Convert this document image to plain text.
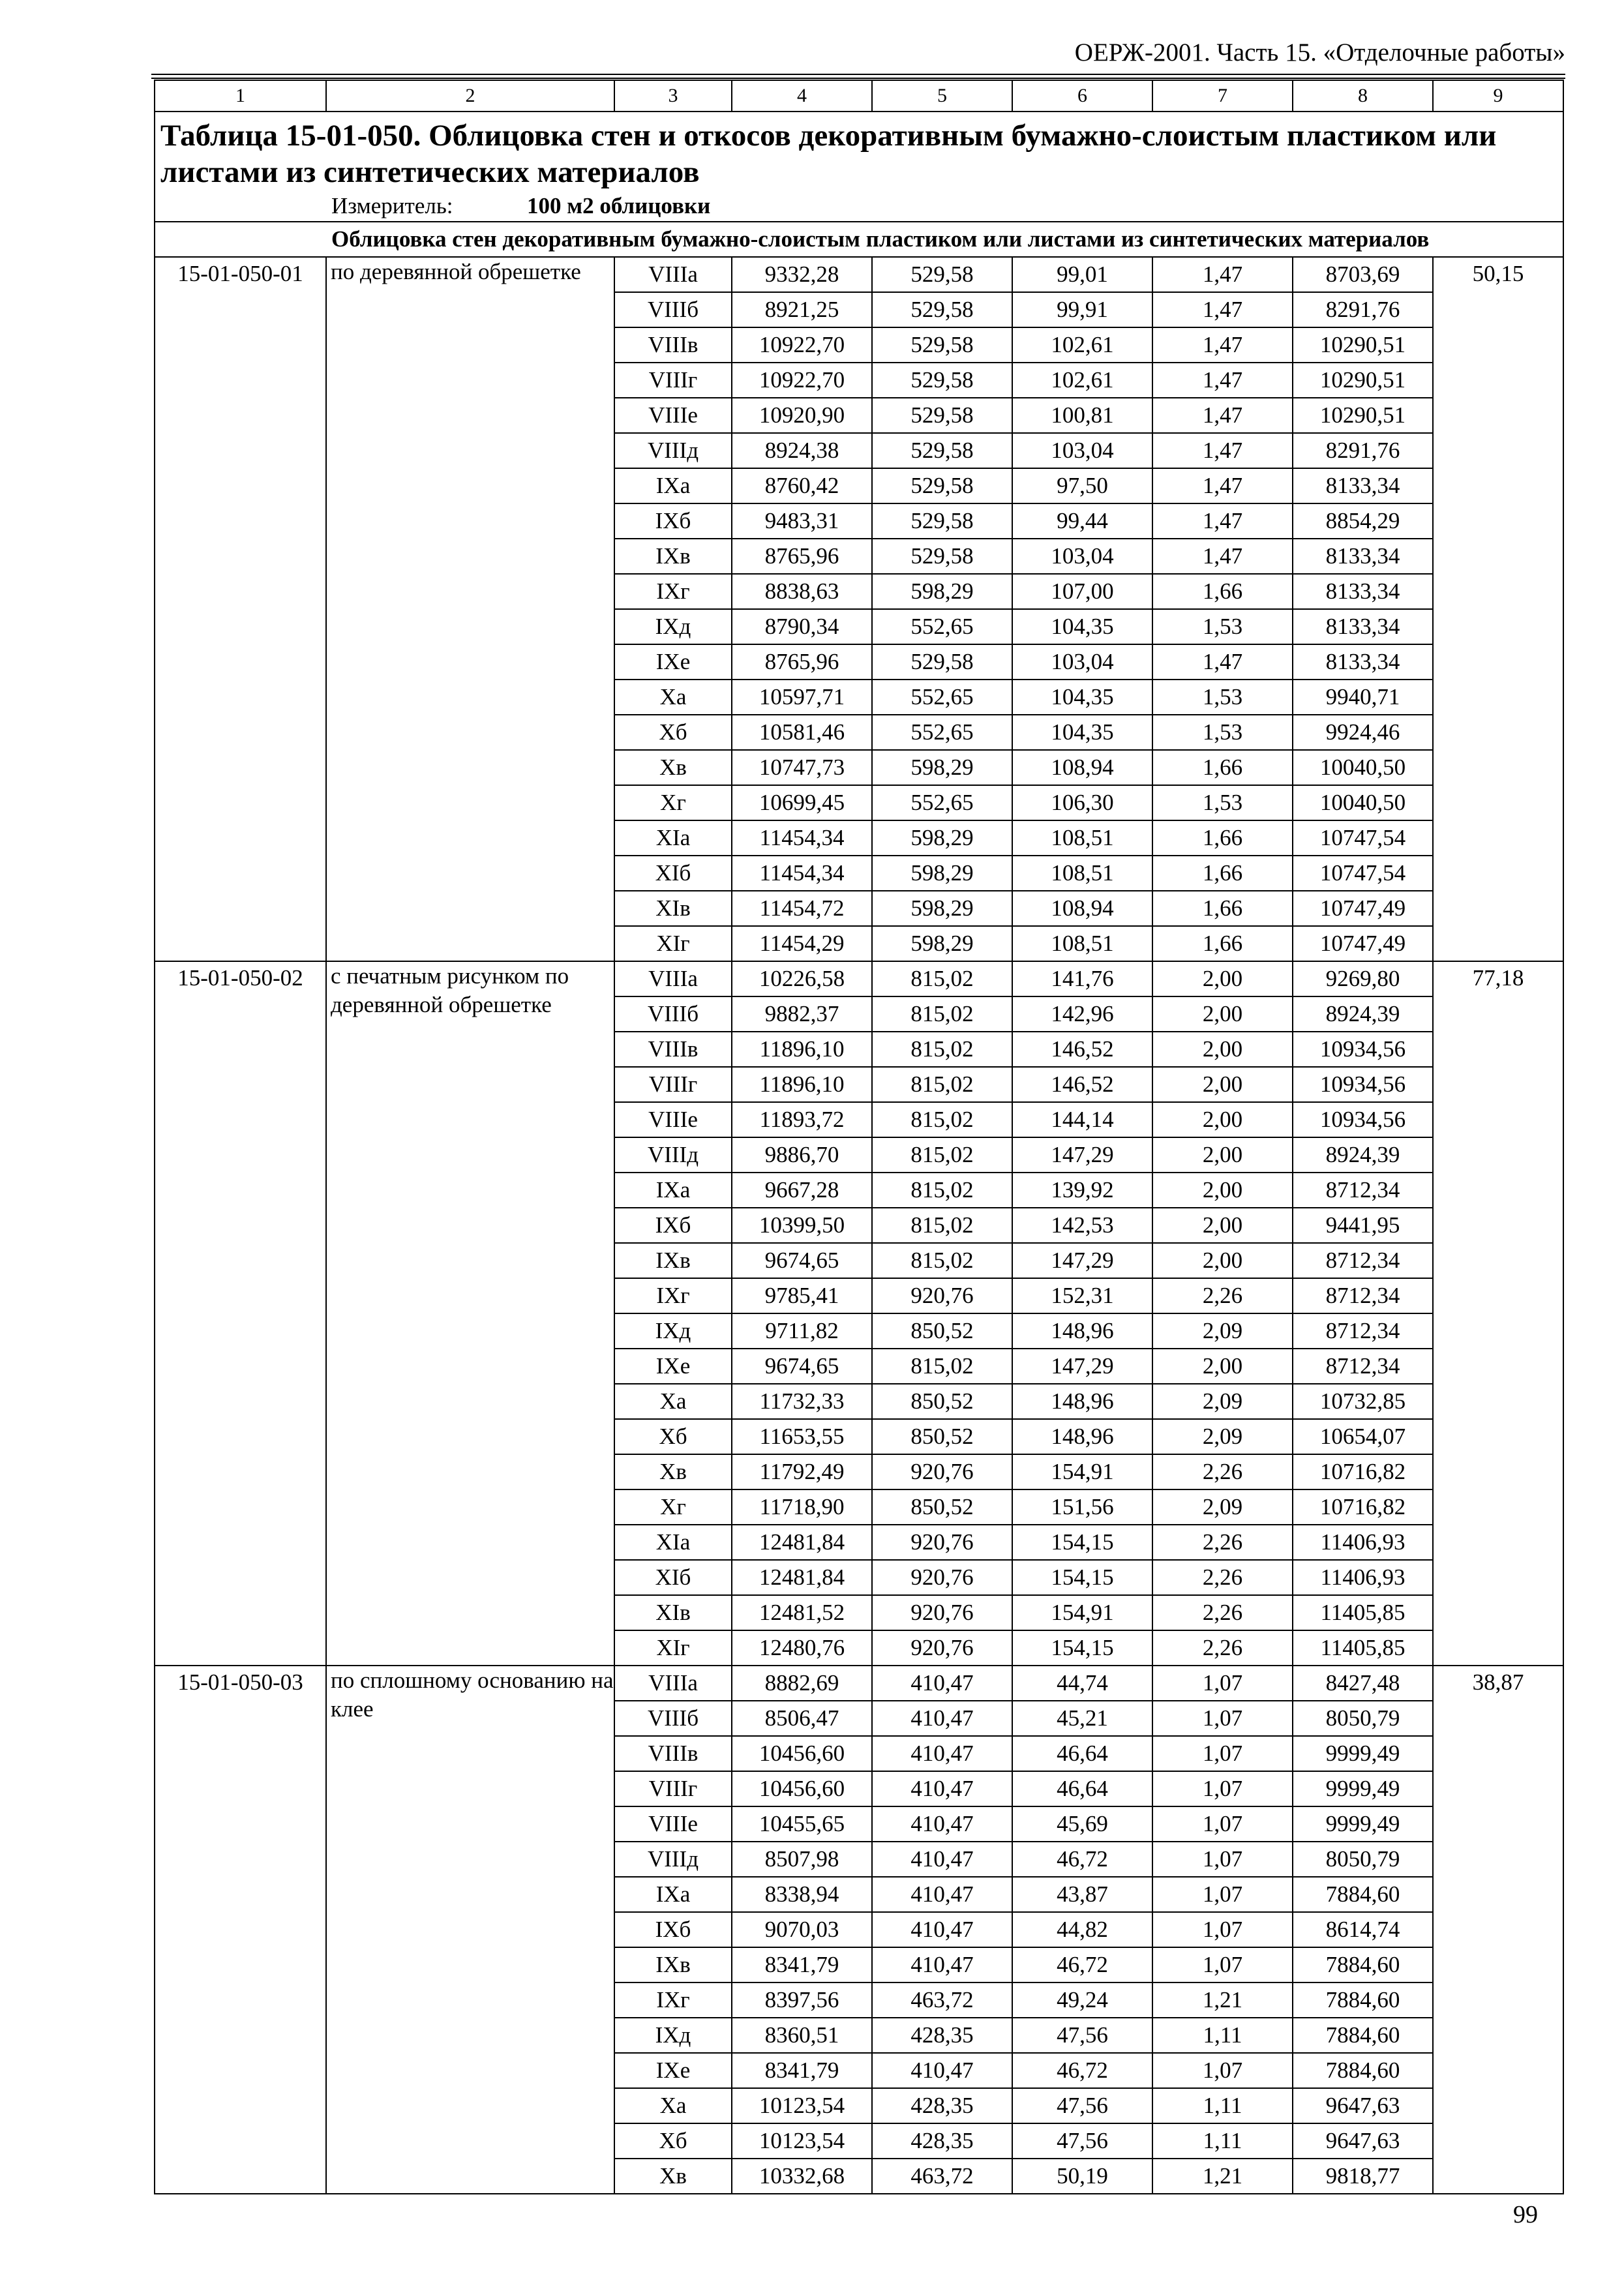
ОЕРЖ-2001. Часть 15. «Отделочные работы»
1	2	3	4	5	6	7	8	9

Таблица 15-01-050. Облицовка стен и откосов декоративным бумажно-слоистым пластиком или листами из синтетических материалов								

Измеритель: 100 м2 облицовки								
Облицовка стен декоративным бумажно-слоистым пластиком или листами из синтетических материалов								

15-01-050-01	по деревянной обрешетке	VIIIа	9332,28	529,58	99,01	1,47	8703,69	50,15

		VIIIб	8921,25	529,58	99,91	1,47	8291,76	
		VIIIв	10922,70	529,58	102,61	1,47	10290,51	
		VIIIг	10922,70	529,58	102,61	1,47	10290,51	
		VIIIе	10920,90	529,58	100,81	1,47	10290,51	
		VIIIд	8924,38	529,58	103,04	1,47	8291,76	
		IXа	8760,42	529,58	97,50	1,47	8133,34	
		IXб	9483,31	529,58	99,44	1,47	8854,29	
		IXв	8765,96	529,58	103,04	1,47	8133,34	
		IXг	8838,63	598,29	107,00	1,66	8133,34	
		IXд	8790,34	552,65	104,35	1,53	8133,34	
		IXе	8765,96	529,58	103,04	1,47	8133,34	
		Xа	10597,71	552,65	104,35	1,53	9940,71	
		Xб	10581,46	552,65	104,35	1,53	9924,46	
		Xв	10747,73	598,29	108,94	1,66	10040,50	
		Xг	10699,45	552,65	106,30	1,53	10040,50	
		XIа	11454,34	598,29	108,51	1,66	10747,54	
		XIб	11454,34	598,29	108,51	1,66	10747,54	
		XIв	11454,72	598,29	108,94	1,66	10747,49	
		XIг	11454,29	598,29	108,51	1,66	10747,49	

15-01-050-02	с печатным рисунком по деревянной обрешетке	VIIIа	10226,58	815,02	141,76	2,00	9269,80	77,18

		VIIIб	9882,37	815,02	142,96	2,00	8924,39	
		VIIIв	11896,10	815,02	146,52	2,00	10934,56	
		VIIIг	11896,10	815,02	146,52	2,00	10934,56	
		VIIIе	11893,72	815,02	144,14	2,00	10934,56	
		VIIIд	9886,70	815,02	147,29	2,00	8924,39	
		IXа	9667,28	815,02	139,92	2,00	8712,34	
		IXб	10399,50	815,02	142,53	2,00	9441,95	
		IXв	9674,65	815,02	147,29	2,00	8712,34	
		IXг	9785,41	920,76	152,31	2,26	8712,34	
		IXд	9711,82	850,52	148,96	2,09	8712,34	
		IXе	9674,65	815,02	147,29	2,00	8712,34	
		Xа	11732,33	850,52	148,96	2,09	10732,85	
		Xб	11653,55	850,52	148,96	2,09	10654,07	
		Xв	11792,49	920,76	154,91	2,26	10716,82	
		Xг	11718,90	850,52	151,56	2,09	10716,82	
		XIа	12481,84	920,76	154,15	2,26	11406,93	
		XIб	12481,84	920,76	154,15	2,26	11406,93	
		XIв	12481,52	920,76	154,91	2,26	11405,85	
		XIг	12480,76	920,76	154,15	2,26	11405,85	

15-01-050-03	по сплошному основанию на клее	VIIIа	8882,69	410,47	44,74	1,07	8427,48	38,87

		VIIIб	8506,47	410,47	45,21	1,07	8050,79	
		VIIIв	10456,60	410,47	46,64	1,07	9999,49	
		VIIIг	10456,60	410,47	46,64	1,07	9999,49	
		VIIIе	10455,65	410,47	45,69	1,07	9999,49	
		VIIIд	8507,98	410,47	46,72	1,07	8050,79	
		IXа	8338,94	410,47	43,87	1,07	7884,60	
		IXб	9070,03	410,47	44,82	1,07	8614,74	
		IXв	8341,79	410,47	46,72	1,07	7884,60	
		IXг	8397,56	463,72	49,24	1,21	7884,60	
		IXд	8360,51	428,35	47,56	1,11	7884,60	
		IXе	8341,79	410,47	46,72	1,07	7884,60	
		Xа	10123,54	428,35	47,56	1,11	9647,63	
		Xб	10123,54	428,35	47,56	1,11	9647,63	
		Xв	10332,68	463,72	50,19	1,21	9818,77	
99
